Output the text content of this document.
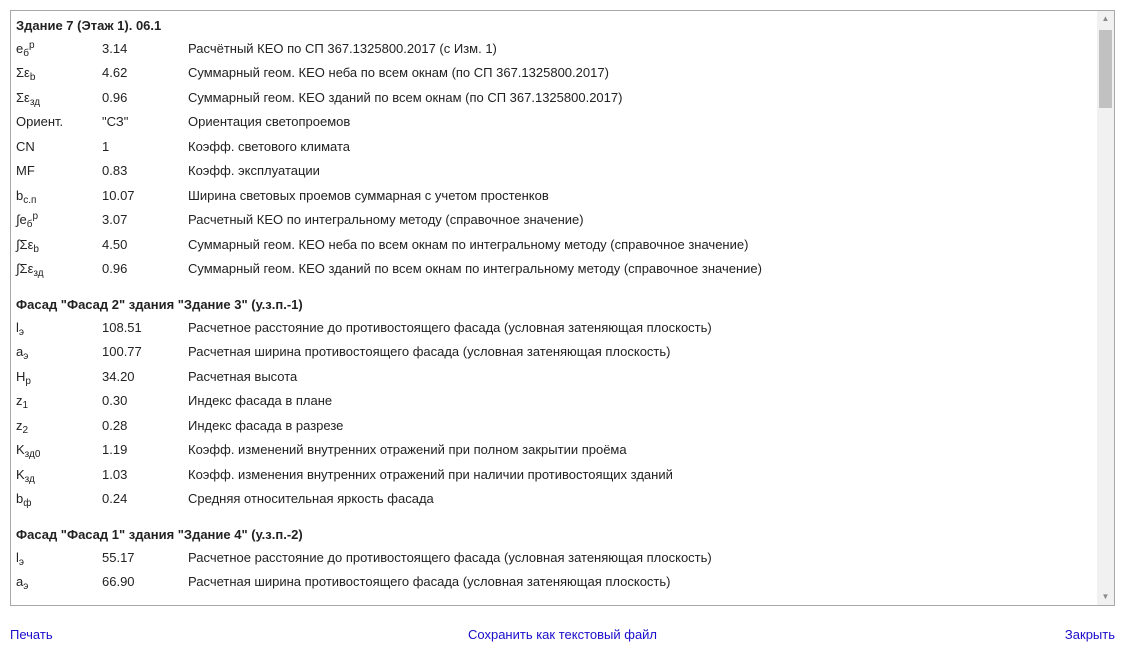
Здание 7 (Этаж 1). 06.1
$e_б^р$	3.14	Расчётный КЕО по СП 367.1325800.2017 (с Изм. 1)
$\Sigma\varepsilon_b$	4.62	Суммарный геом. КЕО неба по всем окнам (по СП 367.1325800.2017)
$\Sigma\varepsilon_{зд}$	0.96	Суммарный геом. КЕО зданий по всем окнам (по СП 367.1325800.2017)
Ориент.	"СЗ"	Ориентация светопроемов
CN	1	Коэфф. светового климата
MF	0.83	Коэфф. эксплуатации
$b_{с.п}$	10.07	Ширина световых проемов суммарная с учетом простенков
$\int e_б^р$	3.07	Расчетный КЕО по интегральному методу (справочное значение)
$\int\Sigma\varepsilon_b$	4.50	Суммарный геом. КЕО неба по всем окнам по интегральному методу (справочное значение)
$\int\Sigma\varepsilon_{зд}$	0.96	Суммарный геом. КЕО зданий по всем окнам по интегральному методу (справочное значение)
Фасад "Фасад 2" здания "Здание 3" (у.з.п.-1)
$l_э$	108.51	Расчетное расстояние до противостоящего фасада (условная затеняющая плоскость)
$a_э$	100.77	Расчетная ширина противостоящего фасада (условная затеняющая плоскость)
$H_р$	34.20	Расчетная высота
$z_1$	0.30	Индекс фасада в плане
$z_2$	0.28	Индекс фасада в разрезе
$K_{зд0}$	1.19	Коэфф. изменений внутренних отражений при полном закрытии проёма
$K_{зд}$	1.03	Коэфф. изменения внутренних отражений при наличии противостоящих зданий
$b_ф$	0.24	Средняя относительная яркость фасада
Фасад "Фасад 1" здания "Здание 4" (у.з.п.-2)
$l_э$	55.17	Расчетное расстояние до противостоящего фасада (условная затеняющая плоскость)
$a_э$	66.90	Расчетная ширина противостоящего фасада (условная затеняющая плоскость)
▲
▼
Печать	Сохранить как текстовый файл	Закрыть
